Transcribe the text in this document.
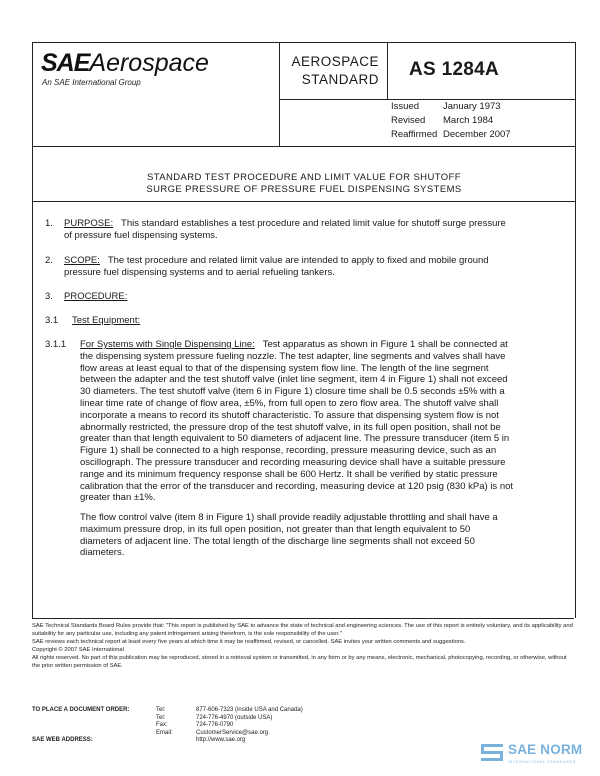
SAEAerospace
An SAE International Group
AEROSPACE
STANDARD	AS 1284A
Issued	January 1973
Revised	March 1984
Reaffirmed December 2007
STANDARD TEST PROCEDURE AND LIMIT VALUE FOR SHUTOFF
SURGE PRESSURE OF PRESSURE FUEL DISPENSING SYSTEMS
1. PURPOSE: This standard establishes a test procedure and related limit value for shutoff surge pressure
of pressure fuel dispensing systems.
2. SCOPE: The test procedure and related limit value are intended to apply to fixed and mobile ground
pressure fuel dispensing systems and to aerial refueling tankers.
3. PROCEDURE:
3.1 Test Equipment:
3.1.1 For Systems with Single Dispensing Line: Test apparatus as shown in Figure 1 shall be connected at
the dispensing system pressure fueling nozzle. The test adapter, line segments and valves shall have
flow areas at least equal to that of the dispensing system flow line. The length of the line segment
between the adapter and the test shutoff valve (inlet line segment, item 4 in Figure 1) shall not exceed
30 diameters. The test shutoff valve (item 6 in Figure 1) closure time shall be 0.5 seconds ±5% with a
linear time rate of change of flow area, ±5%, from full open to zero flow area. The shutoff valve shall
incorporate a means to record its shutoff characteristic. To assure that dispensing system flow is not
abnormally restricted, the pressure drop of the test shutoff valve, in its full open position, shall not be
greater than that length equivalent to 50 diameters of adjacent line. The pressure transducer (item 5 in
Figure 1) shall be connected to a high response, recording, pressure measuring device, such as an
oscillograph. The pressure transducer and recording measuring device shall have a suitable pressure
range and its minimum frequency response shall be 600 Hertz. It shall be verified by static pressure
calibration that the error of the transducer and recording, measuring device at 120 psig (830 kPa) is not
greater than ±1%.
The flow control valve (item 8 in Figure 1) shall provide readily adjustable throttling and shall have a
maximum pressure drop, in its full open position, not greater than that length equivalent to 50
diameters of adjacent line. The total length of the discharge line segments shall not exceed 50
diameters.

SAE Technical Standards Board Rules provide that: "This report is published by SAE to advance the state of technical and engineering sciences. The use of this report is entirely voluntary, and its applicability and suitability for any particular use, including any patent infringement arising therefrom, is the sole responsibility of the user."

SAE reviews each technical report at least every five years at which time it may be reaffirmed, revised, or cancelled. SAE invites your written comments and suggestions.

Copyright © 2007 SAE International

All rights reserved. No part of this publication may be reproduced, stored in a retrieval system or transmitted, in any form or by any means, electronic, mechanical, photocopying, recording, or otherwise, without the prior written permission of SAE.

TO PLACE A DOCUMENT ORDER:	Tel:	877-606-7323 (inside USA and Canada)
Tel:	724-776-4970 (outside USA)
Fax:	724-776-0790
Email:	CustomerService@sae.org
SAE WEB ADDRESS:	http://www.sae.org
SAE NORM
INTERNATIONAL STANDARDS
